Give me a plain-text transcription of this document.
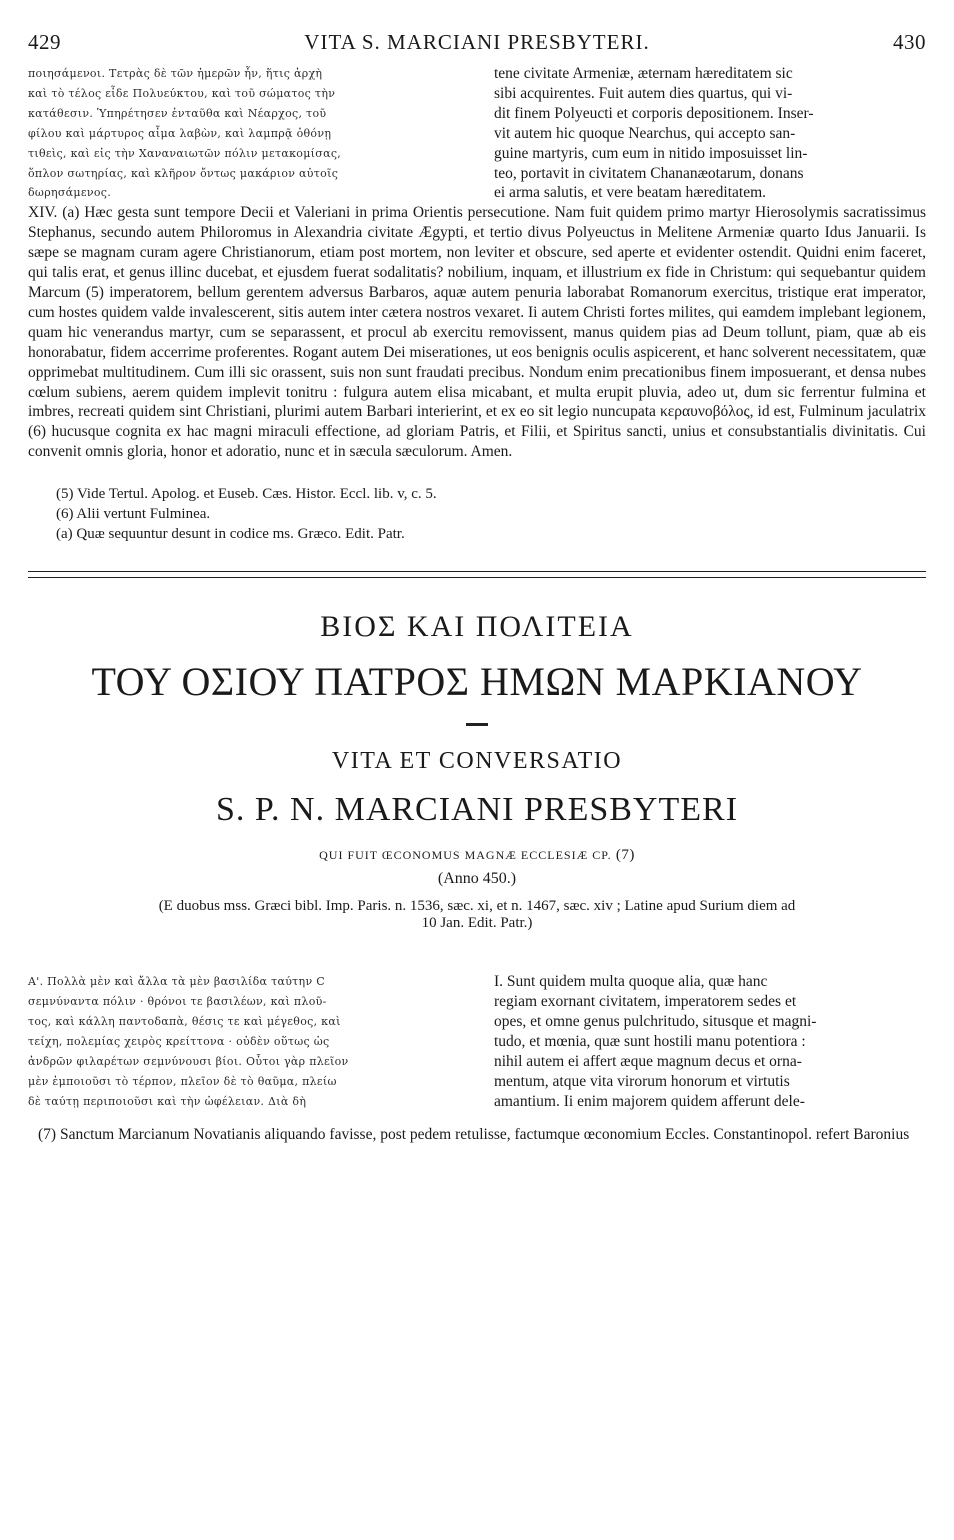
429	VITA S. MARCIANI PRESBYTERI.	430
ποιησάμενοι. Τετρὰς δὲ τῶν ἡμερῶν ἦν, ἥτις ἀρχὴ
καὶ τὸ τέλος εἶδε Πολυεύκτου, καὶ τοῦ σώματος τὴν
κατάθεσιν. Ὑπηρέτησεν ἐνταῦθα καὶ Νέαρχος, τοῦ
φίλου καὶ μάρτυρος αἷμα λαβὼν, καὶ λαμπρᾷ ὀθόνῃ
τιθεὶς, καὶ εἰς τὴν Χαναναιωτῶν πόλιν μετακομίσας,
ὅπλον σωτηρίας, καὶ κλῆρον ὄντως μακάριον αὐτοῖς
δωρησάμενος.
tene civitate Armeniæ, æternam hæreditatem sic
sibi acquirentes. Fuit autem dies quartus, qui vi-
dit finem Polyeucti et corporis depositionem. Inser-
vit autem hic quoque Nearchus, qui accepto san-
guine martyris, cum eum in nitido imposuisset lin-
teo, portavit in civitatem Chananæotarum, donans
ei arma salutis, et vere beatam hæreditatem.
XIV. (a) Hæc gesta sunt tempore Decii et Valeriani in prima Orientis persecutione. Nam fuit quidem primo martyr Hierosolymis sacratissimus Stephanus, secundo autem Philoromus in Alexandria civitate Ægypti, et tertio divus Polyeuctus in Melitene Armeniæ quarto Idus Januarii. Is sæpe se magnam curam agere Christianorum, etiam post mortem, non leviter et obscure, sed aperte et evidenter ostendit. Quidni enim faceret, qui talis erat, et genus illinc ducebat, et ejusdem fuerat sodalitatis? nobilium, inquam, et illustrium ex fide in Christum: qui sequebantur quidem Marcum (5) imperatorem, bellum gerentem adversus Barbaros, aquæ autem penuria laborabat Romanorum exercitus, tristique erat imperator, cum hostes quidem valde invalescerent, sitis autem inter cætera nostros vexaret. Ii autem Christi fortes milites, qui eamdem implebant legionem, quam hic venerandus martyr, cum se separassent, et procul ab exercitu removissent, manus quidem pias ad Deum tollunt, piam, quæ ab eis honorabatur, fidem accerrime proferentes. Rogant autem Dei miserationes, ut eos benignis oculis aspicerent, et hanc solverent necessitatem, quæ opprimebat multitudinem. Cum illi sic orassent, suis non sunt fraudati precibus. Nondum enim precationibus finem imposuerant, et densa nubes cœlum subiens, aerem quidem implevit tonitru : fulgura autem elisa micabant, et multa erupit pluvia, adeo ut, dum sic ferrentur fulmina et imbres, recreati quidem sint Christiani, plurimi autem Barbari interierint, et ex eo sit legio nuncupata κεραυνοβόλος, id est, Fulminum jaculatrix (6) hucusque cognita ex hac magni miraculi effectione, ad gloriam Patris, et Filii, et Spiritus sancti, unius et consubstantialis divinitatis. Cui convenit omnis gloria, honor et adoratio, nunc et in sæcula sæculorum. Amen.
(5) Vide Tertul. Apolog. et Euseb. Cæs. Histor. Eccl. lib. v, c. 5.
(6) Alii vertunt Fulminea.
(a) Quæ sequuntur desunt in codice ms. Græco. Edit. Patr.
ΒΙΟΣ ΚΑΙ ΠΟΛΙΤΕΙΑ
ΤΟΥ ΟΣΙΟΥ ΠΑΤΡΟΣ ΗΜΩΝ ΜΑΡΚΙΑΝΟΥ
VITA ET CONVERSATIO
S. P. N. MARCIANI PRESBYTERI
QUI FUIT ŒCONOMUS MAGNÆ ECCLESIÆ CP. (7)
(Anno 450.)
(E duobus mss. Græci bibl. Imp. Paris. n. 1536, sæc. xi, et n. 1467, sæc. xiv ; Latine apud Surium diem ad
10 Jan. Edit. Patr.)
Α'. Πολλὰ μὲν καὶ ἄλλα τὰ μὲν βασιλίδα ταύτην C
σεμνύναντα πόλιν · θρόνοι τε βασιλέων, καὶ πλοῦ-
τος, καὶ κάλλη παντοδαπὰ, θέσις τε καὶ μέγεθος, καὶ
τείχη, πολεμίας χειρὸς κρείττονα · οὐδὲν οὕτως ὡς
ἀνδρῶν φιλαρέτων σεμνύνουσι βίοι. Οὗτοι γὰρ πλεῖον
μὲν ἐμποιοῦσι τὸ τέρπον, πλεῖον δὲ τὸ θαῦμα, πλείω
δὲ ταύτῃ περιποιοῦσι καὶ τὴν ὠφέλειαν. Διὰ δὴ
I. Sunt quidem multa quoque alia, quæ hanc
regiam exornant civitatem, imperatorem sedes et
opes, et omne genus pulchritudo, situsque et magni-
tudo, et mœnia, quæ sunt hostili manu potentiora :
nihil autem ei affert æque magnum decus et orna-
mentum, atque vita virorum honorum et virtutis
amantium. Ii enim majorem quidem afferunt dele-
(7) Sanctum Marcianum Novatianis aliquando favisse, post pedem retulisse, factumque œconomium Eccles. Constantinopol. refert Baronius
